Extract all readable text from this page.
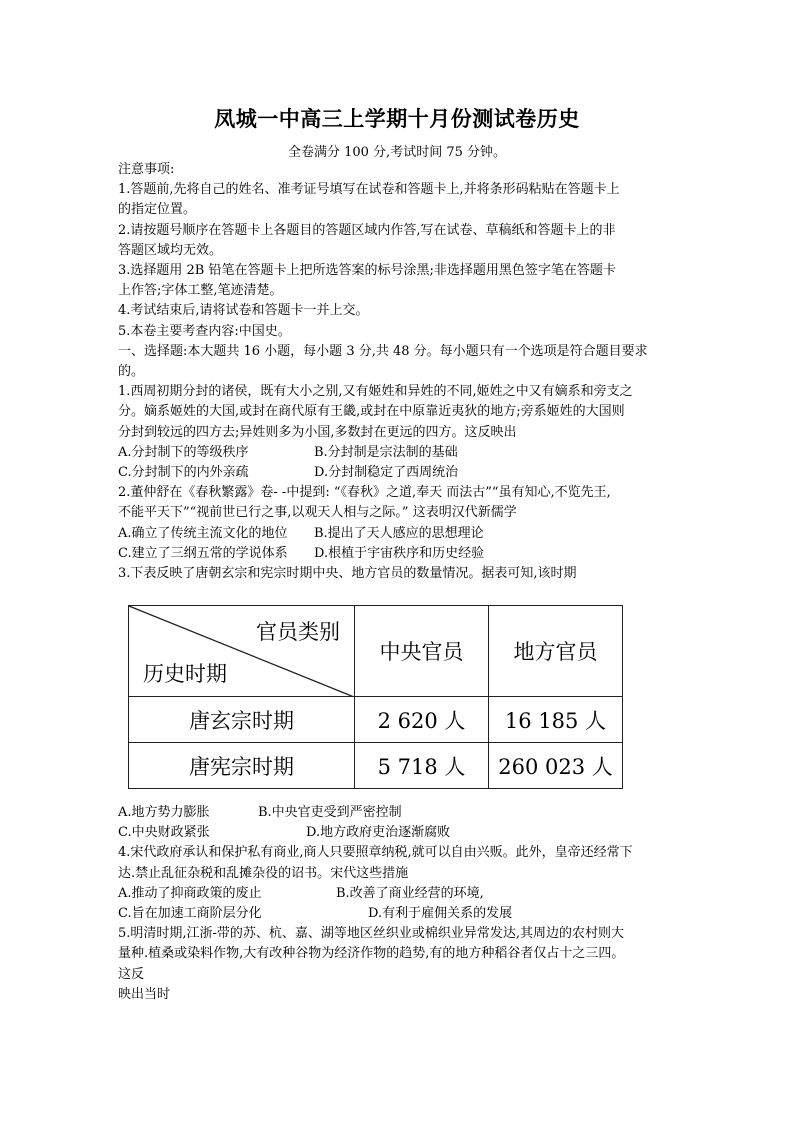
凤城一中高三上学期十月份测试卷历史
全卷满分 100 分,考试时间 75 分钟。

注意事项:

1.答题前,先将自己的姓名、准考证号填写在试卷和答题卡上,并将条形码粘贴在答题卡上

的指定位置。

2.请按题号顺序在答题卡上各题目的答题区域内作答,写在试卷、草稿纸和答题卡上的非

答题区域均无效。

3.选择题用 2B 铅笔在答题卡上把所选答案的标号涂黑;非选择题用黑色签字笔在答题卡

上作答;字体工整,笔迹清楚。

4.考试结束后,请将试卷和答题卡一并上交。

5.本卷主要考查内容:中国史。

一、选择题:本大题共 16 小题，每小题 3 分,共 48 分。每小题只有一个选项是符合题目要求

的。

1.西周初期分封的诸侯，既有大小之别,又有姬姓和异姓的不同,姬姓之中又有嫡系和旁支之

分。嫡系姬姓的大国,或封在商代原有王畿,或封在中原靠近夷狄的地方;旁系姬姓的大国则

分封到较远的四方去;异姓则多为小国,多数封在更远的四方。这反映出

A.分封制下的等级秩序	B.分封制是宗法制的基础
C.分封制下的内外亲疏	D.分封制稳定了西周统治

2.董仲舒在《春秋繁露》卷- -中提到: “《春秋》之道,奉天 而法古”“虽有知心,不览先王,

不能平天下”“视前世已行之事,以观天人相与之际。” 这表明汉代新儒学

A.确立了传统主流文化的地位	B.提出了天人感应的思想理论
C.建立了三纲五常的学说体系	D.根植于宇宙秩序和历史经验

3.下表反映了唐朝玄宗和宪宗时期中央、地方官员的数量情况。据表可知,该时期

官员类别
历史时期	中央官员	地方官员
唐玄宗时期	2 620 人	16 185 人
唐宪宗时期	5 718 人	260 023 人
A.地方势力膨胀	B.中央官吏受到严密控制
C.中央财政紧张	D.地方政府吏治逐渐腐败

4.宋代政府承认和保护私有商业,商人只要照章纳税,就可以自由兴贩。此外，皇帝还经常下

达.禁止乱征杂税和乱摊杂役的诏书。宋代这些措施

A.推动了抑商政策的废止	B.改善了商业经营的环境,
C.旨在加速工商阶层分化	D.有利于雇佣关系的发展

5.明清时期,江浙-带的苏、杭、嘉、湖等地区丝织业或棉织业异常发达,其周边的农村则大

量种.植桑或染料作物,大有改种谷物为经济作物的趋势,有的地方种稻谷者仅占十之三四。

这反

映出当时
